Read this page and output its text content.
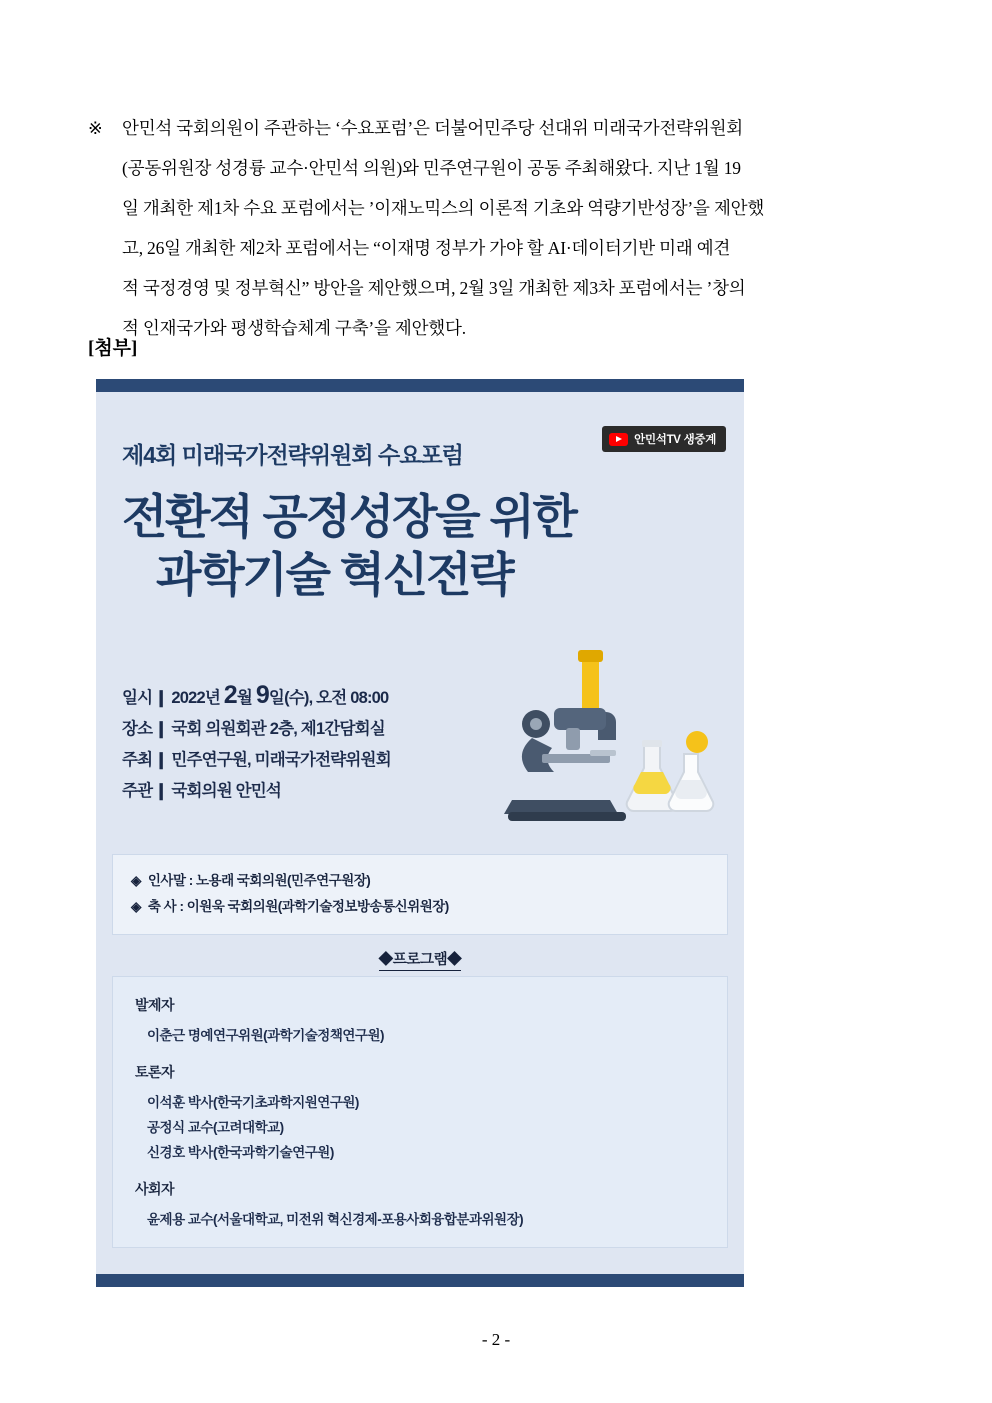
※	안민석 국회의원이 주관하는 ‘수요포럼’은 더불어민주당 선대위 미래국가전략위원회
(공동위원장 성경륭 교수·안민석 의원)와 민주연구원이 공동 주최해왔다. 지난 1월 19
일 개최한 제1차 수요 포럼에서는 ’이재노믹스의 이론적 기초와 역량기반성장’을 제안했
고, 26일 개최한 제2차 포럼에서는 “이재명 정부가 가야 할 AI·데이터기반 미래 예견
적 국정경영 및 정부혁신” 방안을 제안했으며, 2월 3일 개최한 제3차 포럼에서는 ’창의
적 인재국가와 평생학습체계 구축’을 제안했다.
[첨부]
안민석TV 생중계
제4회 미래국가전략위원회 수요포럼
전환적 공정성장을 위한
과학기술 혁신전략
일시 ❙ 2022년 2월 9일(수), 오전 08:00
장소 ❙ 국회 의원회관 2층, 제1간담회실
주최 ❙ 민주연구원, 미래국가전략위원회
주관 ❙ 국회의원 안민석
◈ 인사말 : 노용래 국회의원(민주연구원장)
◈ 축 사 : 이원욱 국회의원(과학기술정보방송통신위원장)
◆프로그램◆
발제자
이춘근 명예연구위원(과학기술정책연구원)
토론자
이석훈 박사(한국기초과학지원연구원)
공정식 교수(고려대학교)
신경호 박사(한국과학기술연구원)
사회자
윤제용 교수(서울대학교, 미전위 혁신경제-포용사회융합분과위원장)
- 2 -
